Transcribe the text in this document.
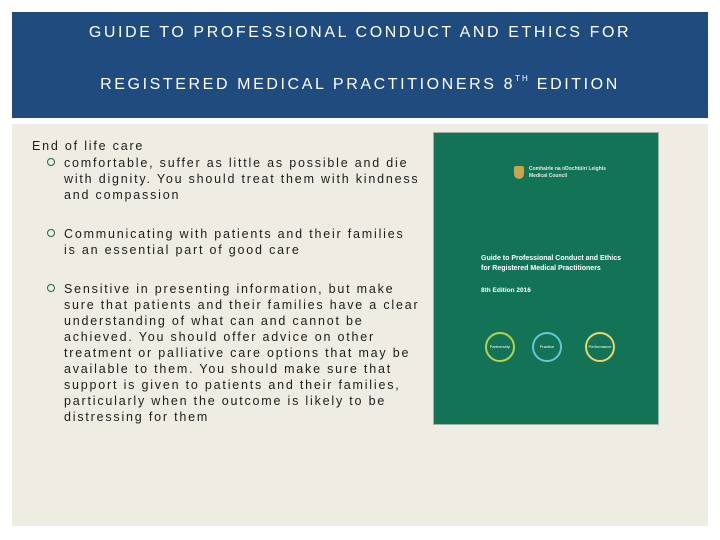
GUIDE TO PROFESSIONAL CONDUCT AND ETHICS FOR
REGISTERED MEDICAL PRACTITIONERS 8TH EDITION

End of life care

comfortable, suffer as little as possible and die with dignity. You should treat them with kindness and compassion

Communicating with patients and their families is an essential part of good care

Sensitive in presenting information, but make sure that patients and their families have a clear understanding of what can and cannot be achieved. You should offer advice on other treatment or palliative care options that may be available to them. You should make sure that support is given to patients and their families, particularly when the outcome is likely to be distressing for them

Comhairle na nDochtúirí Leighis
Medical Council
Guide to Professional Conduct and Ethics
for Registered Medical Practitioners
8th Edition 2016
Partnership	Practice	Performance
